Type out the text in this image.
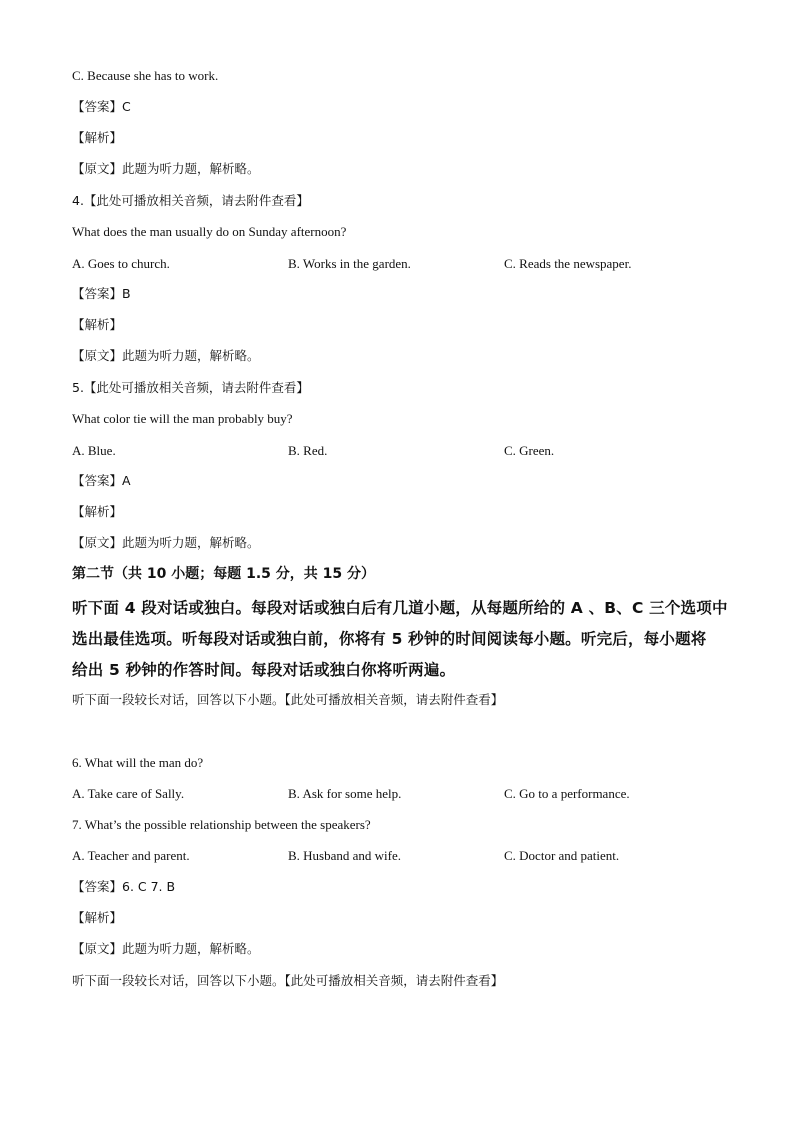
C. Because she has to work.
【答案】C
【解析】
【原文】此题为听力题，解析略。
4.【此处可播放相关音频，请去附件查看】
What does the man usually do on Sunday afternoon?
A. Goes to church.	B. Works in the garden.	C. Reads the newspaper.
【答案】B
【解析】
【原文】此题为听力题，解析略。
5.【此处可播放相关音频，请去附件查看】
What color tie will the man probably buy?
A. Blue.	B. Red.	C. Green.
【答案】A
【解析】
【原文】此题为听力题，解析略。
第二节（共 10 小题；每题 1.5 分，共 15 分）
听下面 4 段对话或独白。每段对话或独白后有几道小题，从每题所给的 A 、B、C 三个选项中
选出最佳选项。听每段对话或独白前，你将有 5 秒钟的时间阅读每小题。听完后，每小题将
给出 5 秒钟的作答时间。每段对话或独白你将听两遍。
听下面一段较长对话，回答以下小题。【此处可播放相关音频，请去附件查看】
6. What will the man do?
A. Take care of Sally.	B. Ask for some help.	C. Go to a performance.
7. What’s the possible relationship between the speakers?
A. Teacher and parent.	B. Husband and wife.	C. Doctor and patient.
【答案】6. C 7. B
【解析】
【原文】此题为听力题，解析略。
听下面一段较长对话，回答以下小题。【此处可播放相关音频，请去附件查看】
